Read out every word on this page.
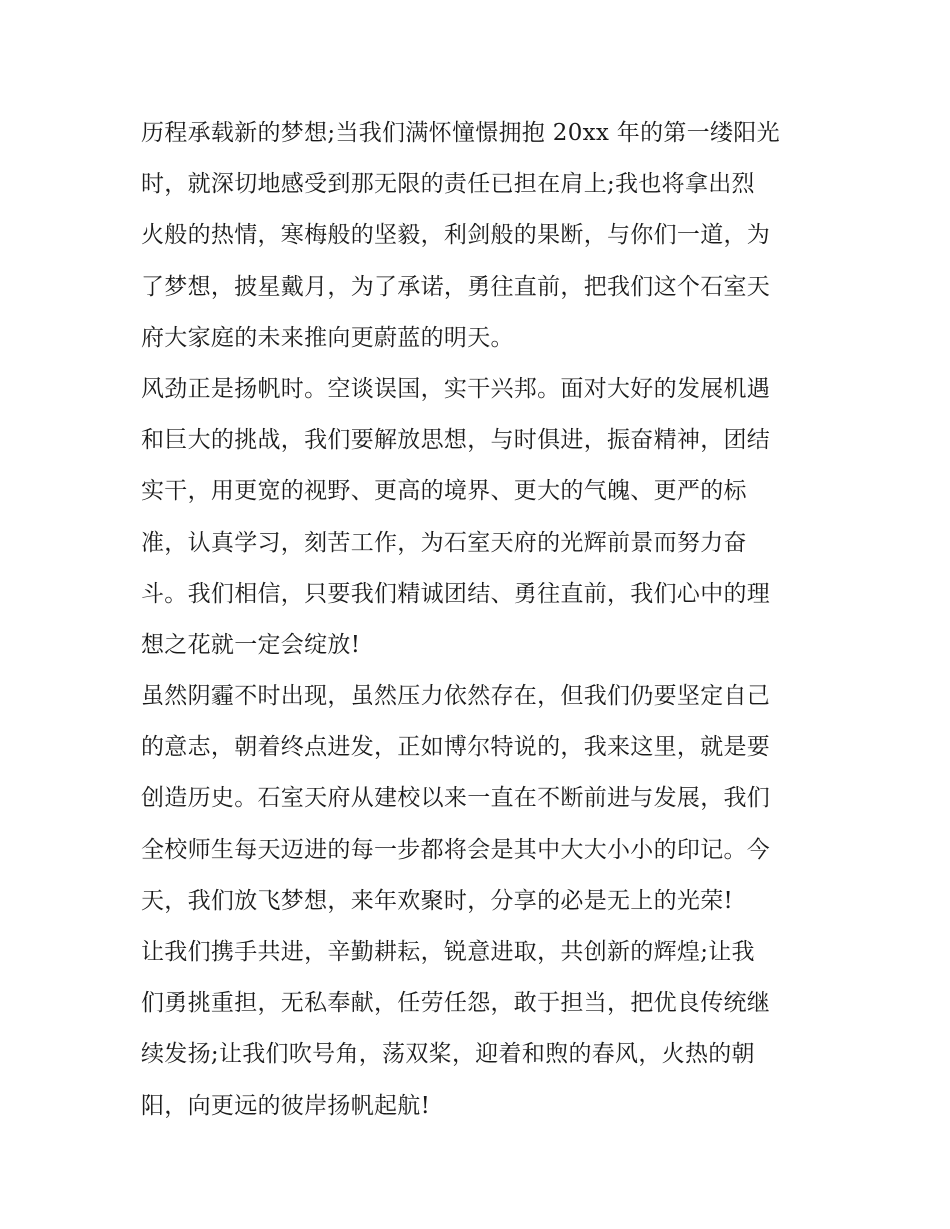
历程承载新的梦想;当我们满怀憧憬拥抱 20xx 年的第一缕阳光
时，就深切地感受到那无限的责任已担在肩上;我也将拿出烈
火般的热情，寒梅般的坚毅，利剑般的果断，与你们一道，为
了梦想，披星戴月，为了承诺，勇往直前，把我们这个石室天
府大家庭的未来推向更蔚蓝的明天。

风劲正是扬帆时。空谈误国，实干兴邦。面对大好的发展机遇
和巨大的挑战，我们要解放思想，与时俱进，振奋精神，团结
实干，用更宽的视野、更高的境界、更大的气魄、更严的标
准，认真学习，刻苦工作，为石室天府的光辉前景而努力奋
斗。我们相信，只要我们精诚团结、勇往直前，我们心中的理
想之花就一定会绽放!

虽然阴霾不时出现，虽然压力依然存在，但我们仍要坚定自己
的意志，朝着终点进发，正如博尔特说的，我来这里，就是要
创造历史。石室天府从建校以来一直在不断前进与发展，我们
全校师生每天迈进的每一步都将会是其中大大小小的印记。今
天，我们放飞梦想，来年欢聚时，分享的必是无上的光荣!

让我们携手共进，辛勤耕耘，锐意进取，共创新的辉煌;让我
们勇挑重担，无私奉献，任劳任怨，敢于担当，把优良传统继
续发扬;让我们吹号角，荡双桨，迎着和煦的春风，火热的朝
阳，向更远的彼岸扬帆起航!
